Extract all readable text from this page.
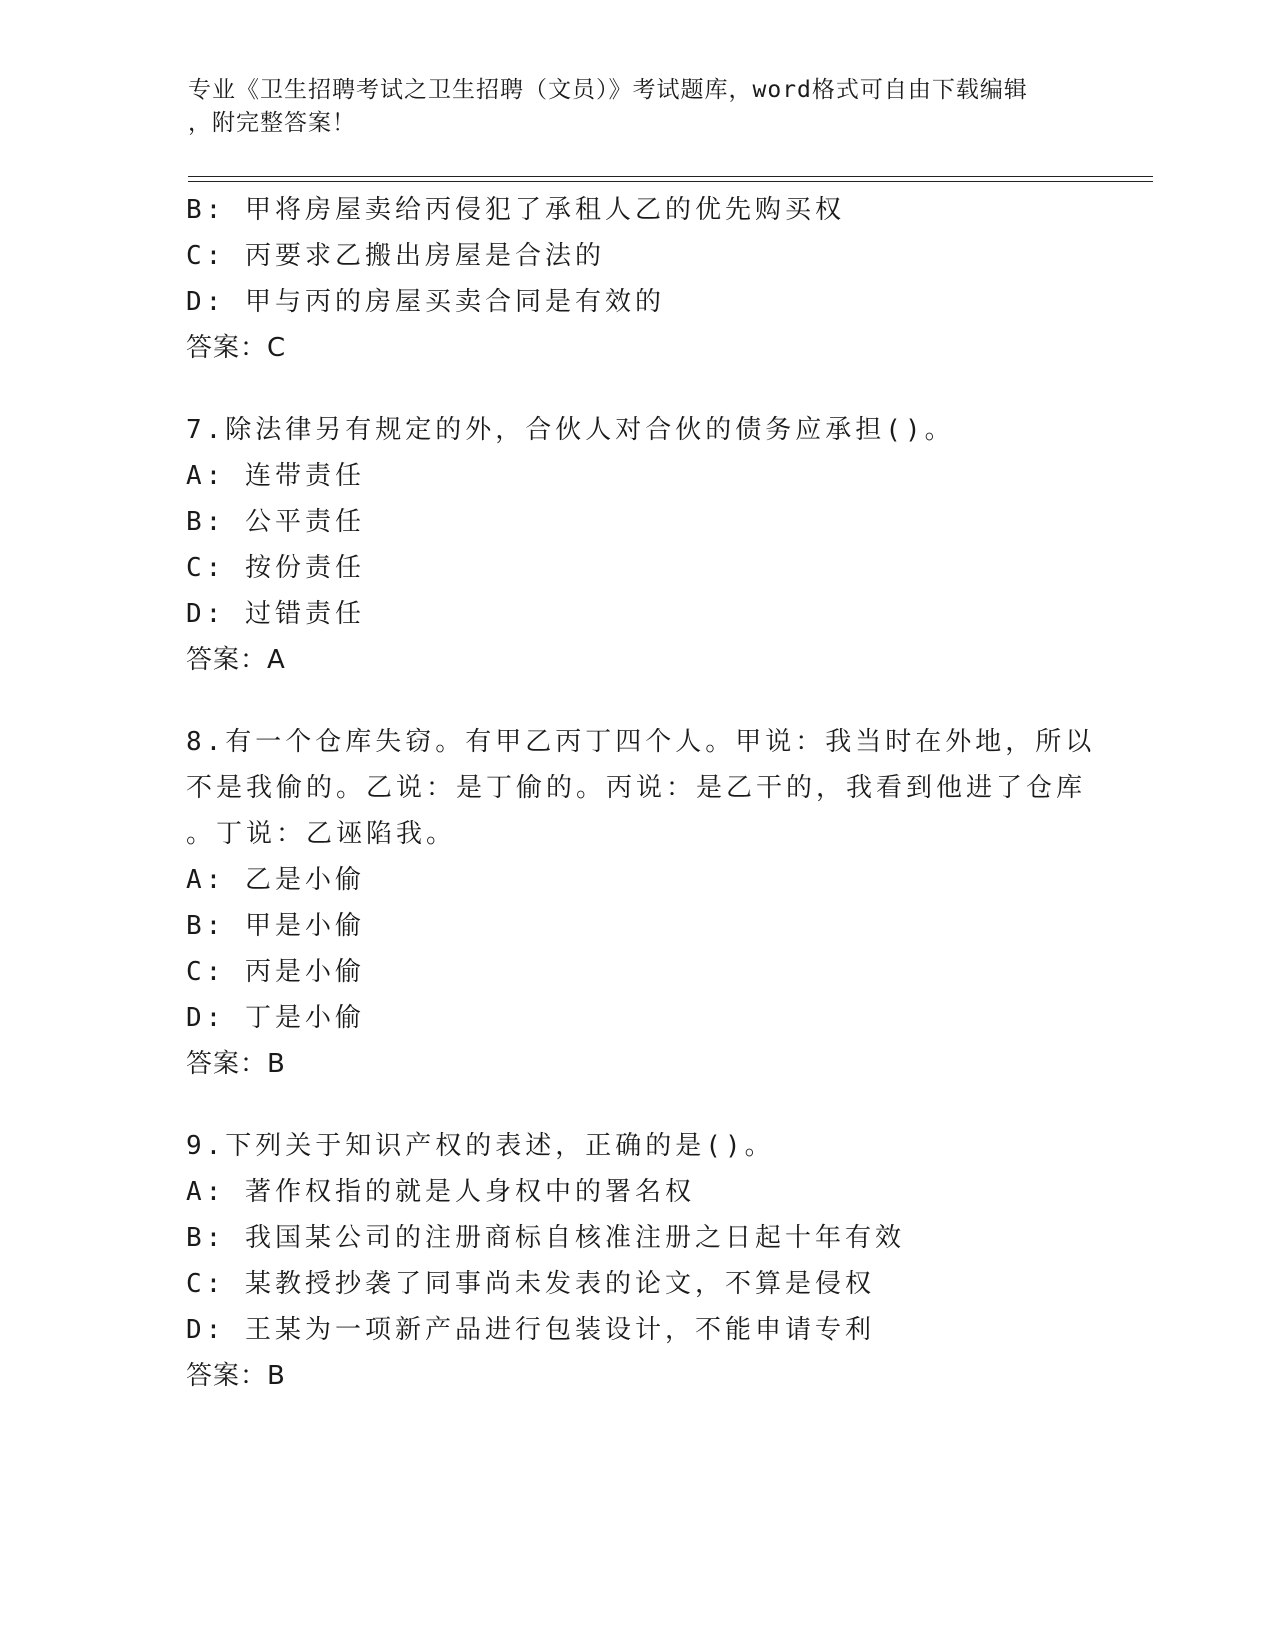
专业《卫生招聘考试之卫生招聘（文员）》考试题库，word格式可自由下载编辑
，附完整答案！
B: 甲将房屋卖给丙侵犯了承租人乙的优先购买权
C: 丙要求乙搬出房屋是合法的
D: 甲与丙的房屋买卖合同是有效的
答案：C
7.除法律另有规定的外，合伙人对合伙的债务应承担()。
A: 连带责任
B: 公平责任
C: 按份责任
D: 过错责任
答案：A
8.有一个仓库失窃。有甲乙丙丁四个人。甲说：我当时在外地，所以
不是我偷的。乙说：是丁偷的。丙说：是乙干的，我看到他进了仓库
。丁说：乙诬陷我。
A: 乙是小偷
B: 甲是小偷
C: 丙是小偷
D: 丁是小偷
答案：B
9.下列关于知识产权的表述，正确的是()。
A: 著作权指的就是人身权中的署名权
B: 我国某公司的注册商标自核准注册之日起十年有效
C: 某教授抄袭了同事尚未发表的论文，不算是侵权
D: 王某为一项新产品进行包装设计，不能申请专利
答案：B
